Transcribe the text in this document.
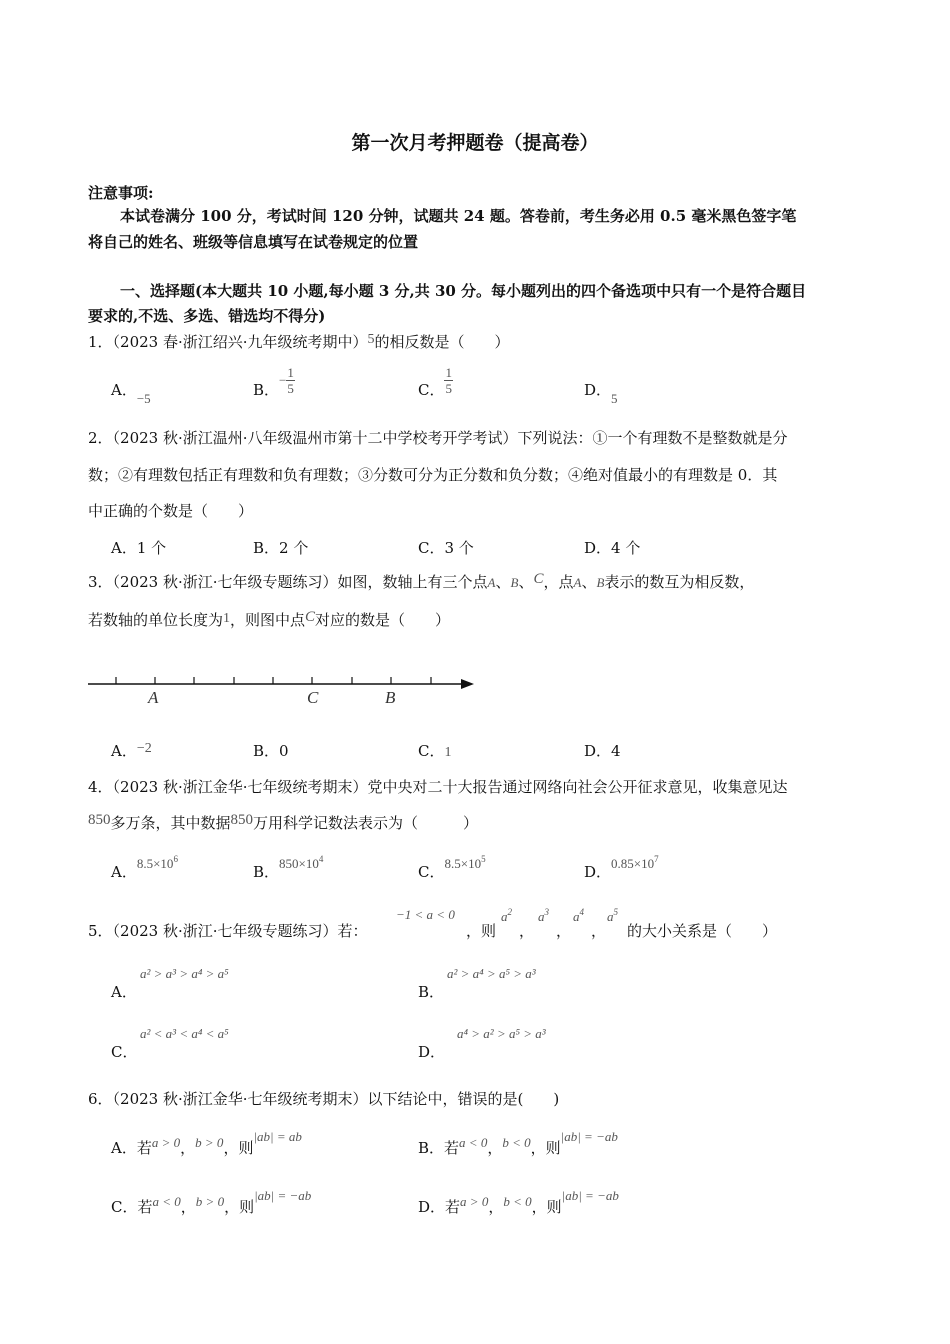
第一次月考押题卷（提高卷）
注意事项:
本试卷满分 100 分，考试时间 120 分钟，试题共 24 题。答卷前，考生务必用 0.5 毫米黑色签字笔
将自己的姓名、班级等信息填写在试卷规定的位置
一、选择题(本大题共 10 小题,每小题 3 分,共 30 分。每小题列出的四个备选项中只有一个是符合题目
要求的,不选、多选、错选均不得分)
1．（2023 春·浙江绍兴·九年级统考期中）5的相反数是（　　）
A．−5	B．− $\frac{1}{5}$	C． $\frac{1}{5}$	D．5
2．（2023 秋·浙江温州·八年级温州市第十二中学校考开学考试）下列说法：①一个有理数不是整数就是分
数；②有理数包括正有理数和负有理数；③分数可分为正分数和负分数；④绝对值最小的有理数是 0．其
中正确的个数是（　　）
A．1 个	B．2 个	C．3 个	D．4 个
3．（2023 秋·浙江·七年级专题练习）如图，数轴上有三个点A、B、C，点A、B表示的数互为相反数，
若数轴的单位长度为1，则图中点C对应的数是（　　）
A	C	B
A．−2	B．0	C．1	D．4
4．（2023 秋·浙江金华·七年级统考期末）党中央对二十大报告通过网络向社会公开征求意见，收集意见达
850多万条，其中数据850万用科学记数法表示为（　　　）
A．$8.5\times 10^6$
B．$850\times 10^4$
C．$8.5\times 10^5$
D．$0.85\times 10^7$
5．（2023 秋·浙江·七年级专题练习）若：
−1 < a < 0
，则
$a^2$
，
$a^3$
，
$a^4$
，
$a^5$
的大小关系是（　　）
A．
a² > a³ > a⁴ > a⁵
B．
a² > a⁴ > a⁵ > a³
C．
a² < a³ < a⁴ < a⁵
D．
a⁴ > a² > a⁵ > a³
6．（2023 秋·浙江金华·七年级统考期末）以下结论中，错误的是(　　)
A．若a > 0，b > 0，则|ab| = ab
B．若a < 0，b < 0，则|ab| = −ab
C．若a < 0，b > 0，则|ab| = −ab
D．若a > 0，b < 0，则|ab| = −ab
